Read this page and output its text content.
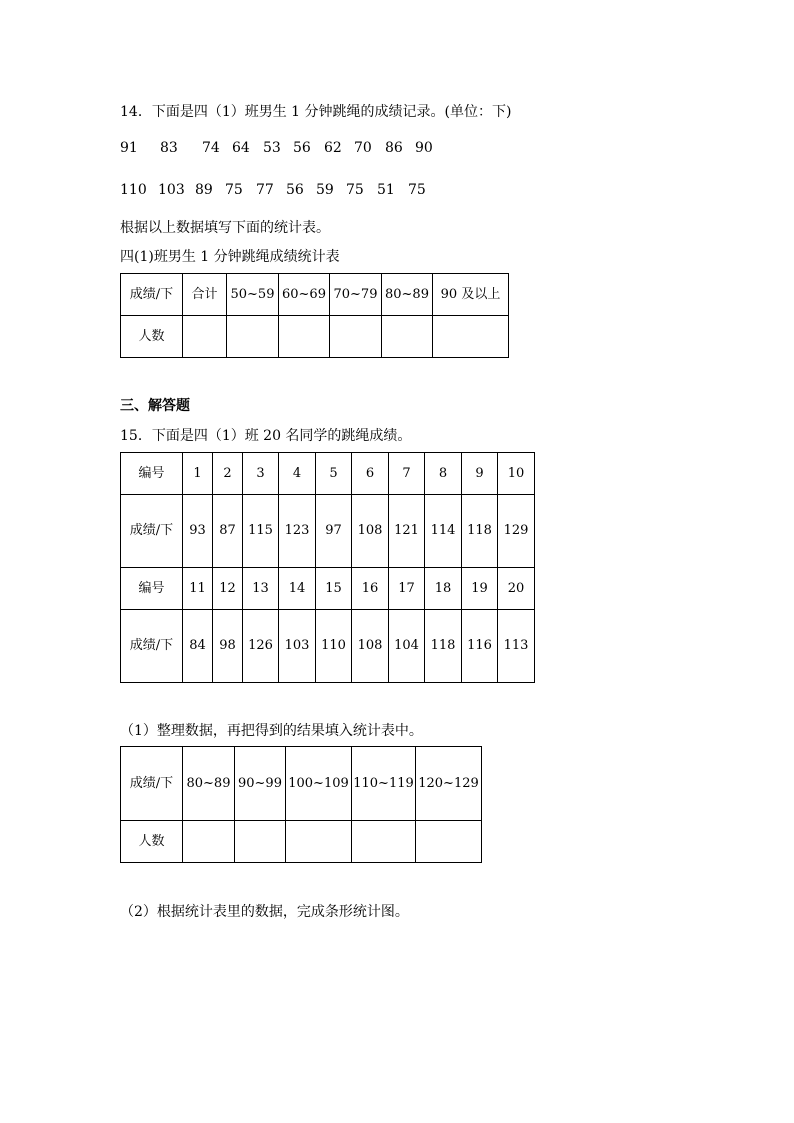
14．下面是四（1）班男生 1 分钟跳绳的成绩记录。(单位：下)
91 83 74 64 53 56 62 70 86 90
110 103 89 75 77 56 59 75 51 75
根据以上数据填写下面的统计表。
四(1)班男生 1 分钟跳绳成绩统计表
成绩/下	合计	50~59	60~69	70~79	80~89	90 及以上
人数						
三、解答题
15．下面是四（1）班 20 名同学的跳绳成绩。
编号	1	2	3	4	5	6	7	8	9	10
成绩/下	93	87	115	123	97	108	121	114	118	129
编号	11	12	13	14	15	16	17	18	19	20
成绩/下	84	98	126	103	110	108	104	118	116	113
（1）整理数据，再把得到的结果填入统计表中。
成绩/下	80~89	90~99	100~109	110~119	120~129
人数					
（2）根据统计表里的数据，完成条形统计图。
